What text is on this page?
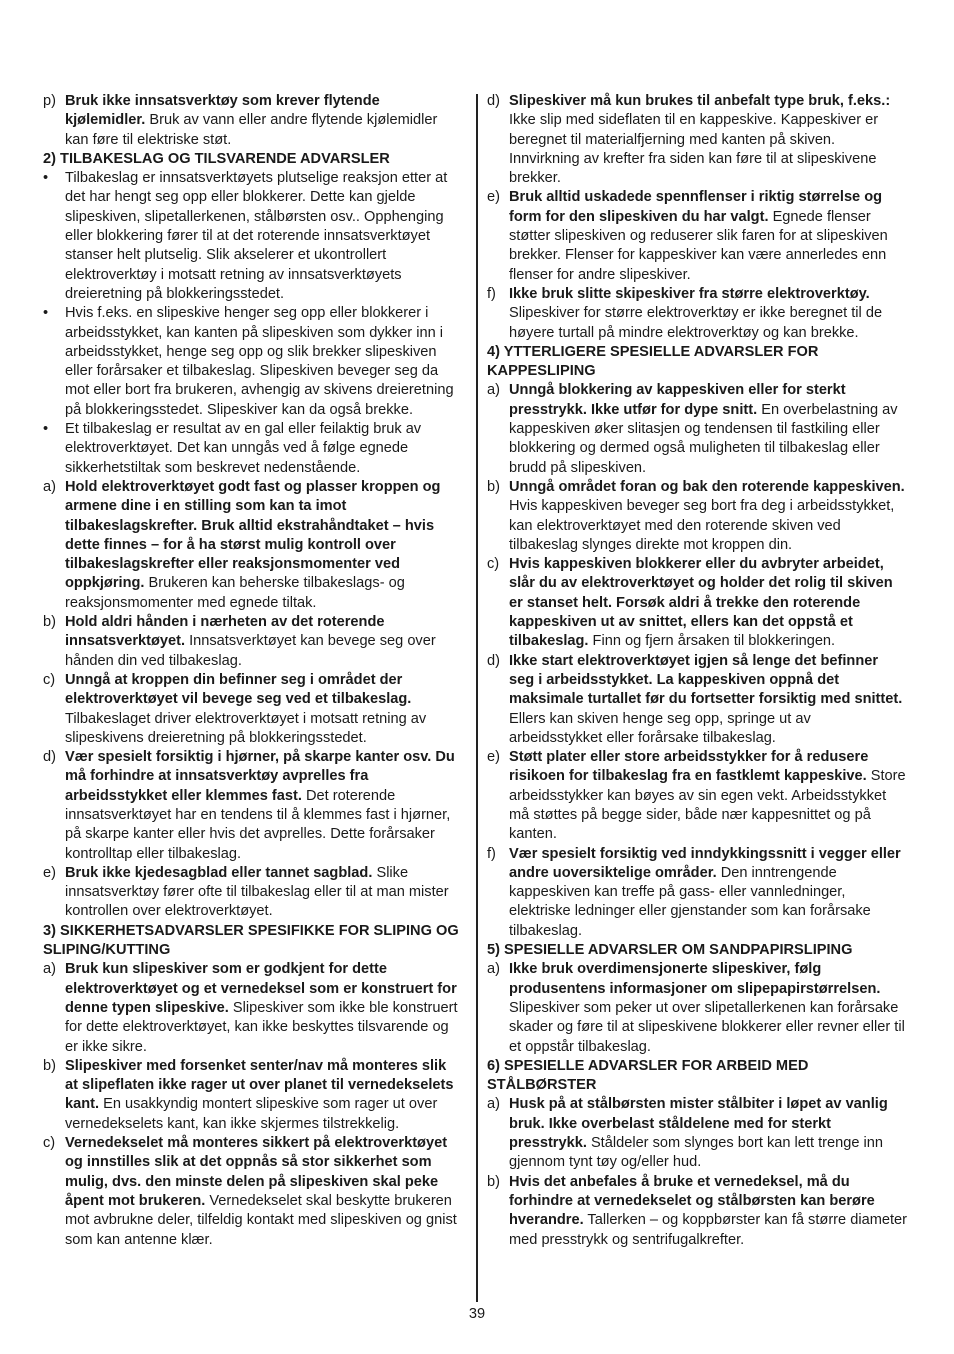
p) Bruk ikke innsatsverktøy som krever flytende kjølemidler. Bruk av vann eller andre flytende kjølemidler kan føre til elektriske støt.
2) TILBAKESLAG OG TILSVARENDE ADVARSLER
•	Tilbakeslag er innsatsverktøyets plutselige reaksjon etter at det har hengt seg opp eller blokkerer. Dette kan gjelde slipeskiven, slipetallerkenen, stålbørsten osv.. Opphenging eller blokkering fører til at det roterende innsatsverktøyet stanser helt plutselig. Slik akselerer et ukontrollert elektroverktøy i motsatt retning av innsatsverktøyets dreieretning på blokkeringsstedet.
•	Hvis f.eks. en slipeskive henger seg opp eller blokkerer i arbeidsstykket, kan kanten på slipeskiven som dykker inn i arbeidsstykket, henge seg opp og slik brekker slipeskiven eller forårsaker et tilbakeslag. Slipeskiven beveger seg da mot eller bort fra brukeren, avhengig av skivens dreieretning på blokkeringsstedet. Slipeskiver kan da også brekke.
•	Et tilbakeslag er resultat av en gal eller feilaktig bruk av elektroverktøyet. Det kan unngås ved å følge egnede sikkerhetstiltak som beskrevet nedenstående.
a) Hold elektroverktøyet godt fast og plasser kroppen og armene dine i en stilling som kan ta imot tilbakeslagskrefter. Bruk alltid ekstrahåndtaket – hvis dette finnes – for å ha størst mulig kontroll over tilbakeslagskrefter eller reaksjonsmomenter ved oppkjøring. Brukeren kan beherske tilbakeslags- og reaksjonsmomenter med egnede tiltak.
b) Hold aldri hånden i nærheten av det roterende innsatsverktøyet. Innsatsverktøyet kan bevege seg over hånden din ved tilbakeslag.
c) Unngå at kroppen din befinner seg i området der elektroverktøyet vil bevege seg ved et tilbakeslag. Tilbakeslaget driver elektroverktøyet i motsatt retning av slipeskivens dreieretning på blokkeringsstedet.
d) Vær spesielt forsiktig i hjørner, på skarpe kanter osv. Du må forhindre at innsatsverktøy avprelles fra arbeidsstykket eller klemmes fast. Det roterende innsatsverktøyet har en tendens til å klemmes fast i hjørner, på skarpe kanter eller hvis det avprelles. Dette forårsaker kontrolltap eller tilbakeslag.
e) Bruk ikke kjedesagblad eller tannet sagblad. Slike innsatsverktøy fører ofte til tilbakeslag eller til at man mister kontrollen over elektroverktøyet.
3) SIKKERHETSADVARSLER SPESIFIKKE FOR SLIPING OG SLIPING/KUTTING
a) Bruk kun slipeskiver som er godkjent for dette elektroverktøyet og et vernedeksel som er konstruert for denne typen slipeskive. Slipeskiver som ikke ble konstruert for dette elektroverktøyet, kan ikke beskyttes tilsvarende og er ikke sikre.
b) Slipeskiver med forsenket senter/nav må monteres slik at slipeflaten ikke rager ut over planet til vernedekselets kant. En usakkyndig montert slipeskive som rager ut over vernedekselets kant, kan ikke skjermes tilstrekkelig.
c) Vernedekselet må monteres sikkert på elektroverktøyet og innstilles slik at det oppnås så stor sikkerhet som mulig, dvs. den minste delen på slipeskiven skal peke åpent mot brukeren. Vernedekselet skal beskytte brukeren mot avbrukne deler, tilfeldig kontakt med slipeskiven og gnist som kan antenne klær.
d) Slipeskiver må kun brukes til anbefalt type bruk, f.eks.: Ikke slip med sideflaten til en kappeskive. Kappeskiver er beregnet til materialfjerning med kanten på skiven. Innvirkning av krefter fra siden kan føre til at slipeskivene brekker.
e) Bruk alltid uskadede spennflenser i riktig størrelse og form for den slipeskiven du har valgt. Egnede flenser støtter slipeskiven og reduserer slik faren for at slipeskiven brekker. Flenser for kappeskiver kan være annerledes enn flenser for andre slipeskiver.
f) Ikke bruk slitte skipeskiver fra større elektroverktøy. Slipeskiver for større elektroverktøy er ikke beregnet til de høyere turtall på mindre elektroverktøy og kan brekke.
4) YTTERLIGERE SPESIELLE ADVARSLER FOR KAPPESLIPING
a) Unngå blokkering av kappeskiven eller for sterkt presstrykk. Ikke utfør for dype snitt. En overbelastning av kappeskiven øker slitasjen og tendensen til fastkiling eller blokkering og dermed også muligheten til tilbakeslag eller brudd på slipeskiven.
b) Unngå området foran og bak den roterende kappeskiven. Hvis kappeskiven beveger seg bort fra deg i arbeidsstykket, kan elektroverktøyet med den roterende skiven ved tilbakeslag slynges direkte mot kroppen din.
c) Hvis kappeskiven blokkerer eller du avbryter arbeidet, slår du av elektroverktøyet og holder det rolig til skiven er stanset helt. Forsøk aldri å trekke den roterende kappeskiven ut av snittet, ellers kan det oppstå et tilbakeslag. Finn og fjern årsaken til blokkeringen.
d) Ikke start elektroverktøyet igjen så lenge det befinner seg i arbeidsstykket. La kappeskiven oppnå det maksimale turtallet før du fortsetter forsiktig med snittet. Ellers kan skiven henge seg opp, springe ut av arbeidsstykket eller forårsake tilbakeslag.
e) Støtt plater eller store arbeidsstykker for å redusere risikoen for tilbakeslag fra en fastklemt kappeskive. Store arbeidsstykker kan bøyes av sin egen vekt. Arbeidsstykket må støttes på begge sider, både nær kappesnittet og på kanten.
f) Vær spesielt forsiktig ved inndykkingssnitt i vegger eller andre uoversiktelige områder. Den inntrengende kappeskiven kan treffe på gass- eller vannledninger, elektriske ledninger eller gjenstander som kan forårsake tilbakeslag.
5) SPESIELLE ADVARSLER OM SANDPAPIRSLIPING
a) Ikke bruk overdimensjonerte slipeskiver, følg produsentens informasjoner om slipepapirstørrelsen. Slipeskiver som peker ut over slipetallerkenen kan forårsake skader og føre til at slipeskivene blokkerer eller revner eller til et oppstår tilbakeslag.
6) SPESIELLE ADVARSLER FOR ARBEID MED STÅLBØRSTER
a) Husk på at stålbørsten mister stålbiter i løpet av vanlig bruk. Ikke overbelast ståldelene med for sterkt presstrykk. Ståldeler som slynges bort kan lett trenge inn gjennom tynt tøy og/eller hud.
b) Hvis det anbefales å bruke et vernedeksel, må du forhindre at vernedekselet og stålbørsten kan berøre hverandre. Tallerken – og koppbørster kan få større diameter med presstrykk og sentrifugalkrefter.
39
